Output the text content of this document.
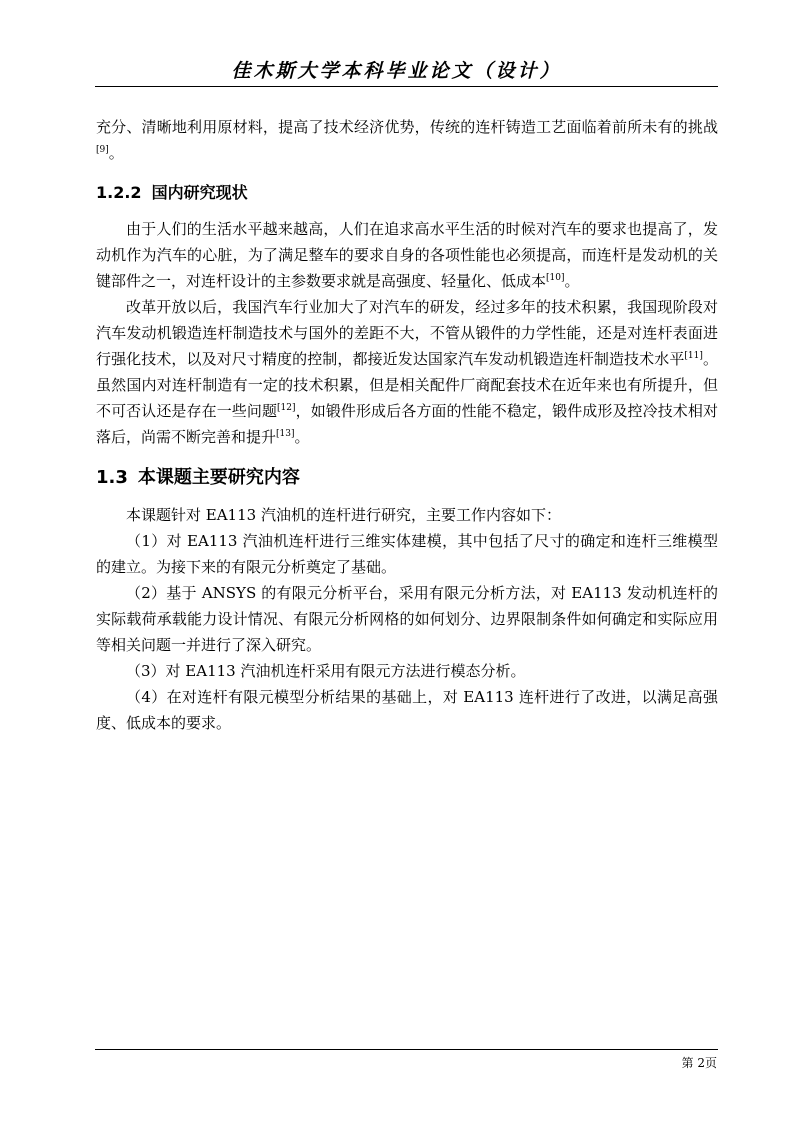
佳木斯大学本科毕业论文（设计）

充分、清晰地利用原材料，提高了技术经济优势，传统的连杆铸造工艺面临着前所未有的挑战[9]。

1.2.2 国内研究现状

由于人们的生活水平越来越高，人们在追求高水平生活的时候对汽车的要求也提高了，发动机作为汽车的心脏，为了满足整车的要求自身的各项性能也必须提高，而连杆是发动机的关键部件之一，对连杆设计的主参数要求就是高强度、轻量化、低成本[10]。

改革开放以后，我国汽车行业加大了对汽车的研发，经过多年的技术积累，我国现阶段对汽车发动机锻造连杆制造技术与国外的差距不大，不管从锻件的力学性能，还是对连杆表面进行强化技术，以及对尺寸精度的控制，都接近发达国家汽车发动机锻造连杆制造技术水平[11]。虽然国内对连杆制造有一定的技术积累，但是相关配件厂商配套技术在近年来也有所提升，但不可否认还是存在一些问题[12]，如锻件形成后各方面的性能不稳定，锻件成形及控冷技术相对落后，尚需不断完善和提升[13]。

1.3 本课题主要研究内容

本课题针对 EA113 汽油机的连杆进行研究，主要工作内容如下：

（1）对 EA113 汽油机连杆进行三维实体建模，其中包括了尺寸的确定和连杆三维模型的建立。为接下来的有限元分析奠定了基础。

（2）基于 ANSYS 的有限元分析平台，采用有限元分析方法，对 EA113 发动机连杆的实际载荷承载能力设计情况、有限元分析网格的如何划分、边界限制条件如何确定和实际应用等相关问题一并进行了深入研究。

（3）对 EA113 汽油机连杆采用有限元方法进行模态分析。

（4）在对连杆有限元模型分析结果的基础上，对 EA113 连杆进行了改进，以满足高强度、低成本的要求。

第 2页
